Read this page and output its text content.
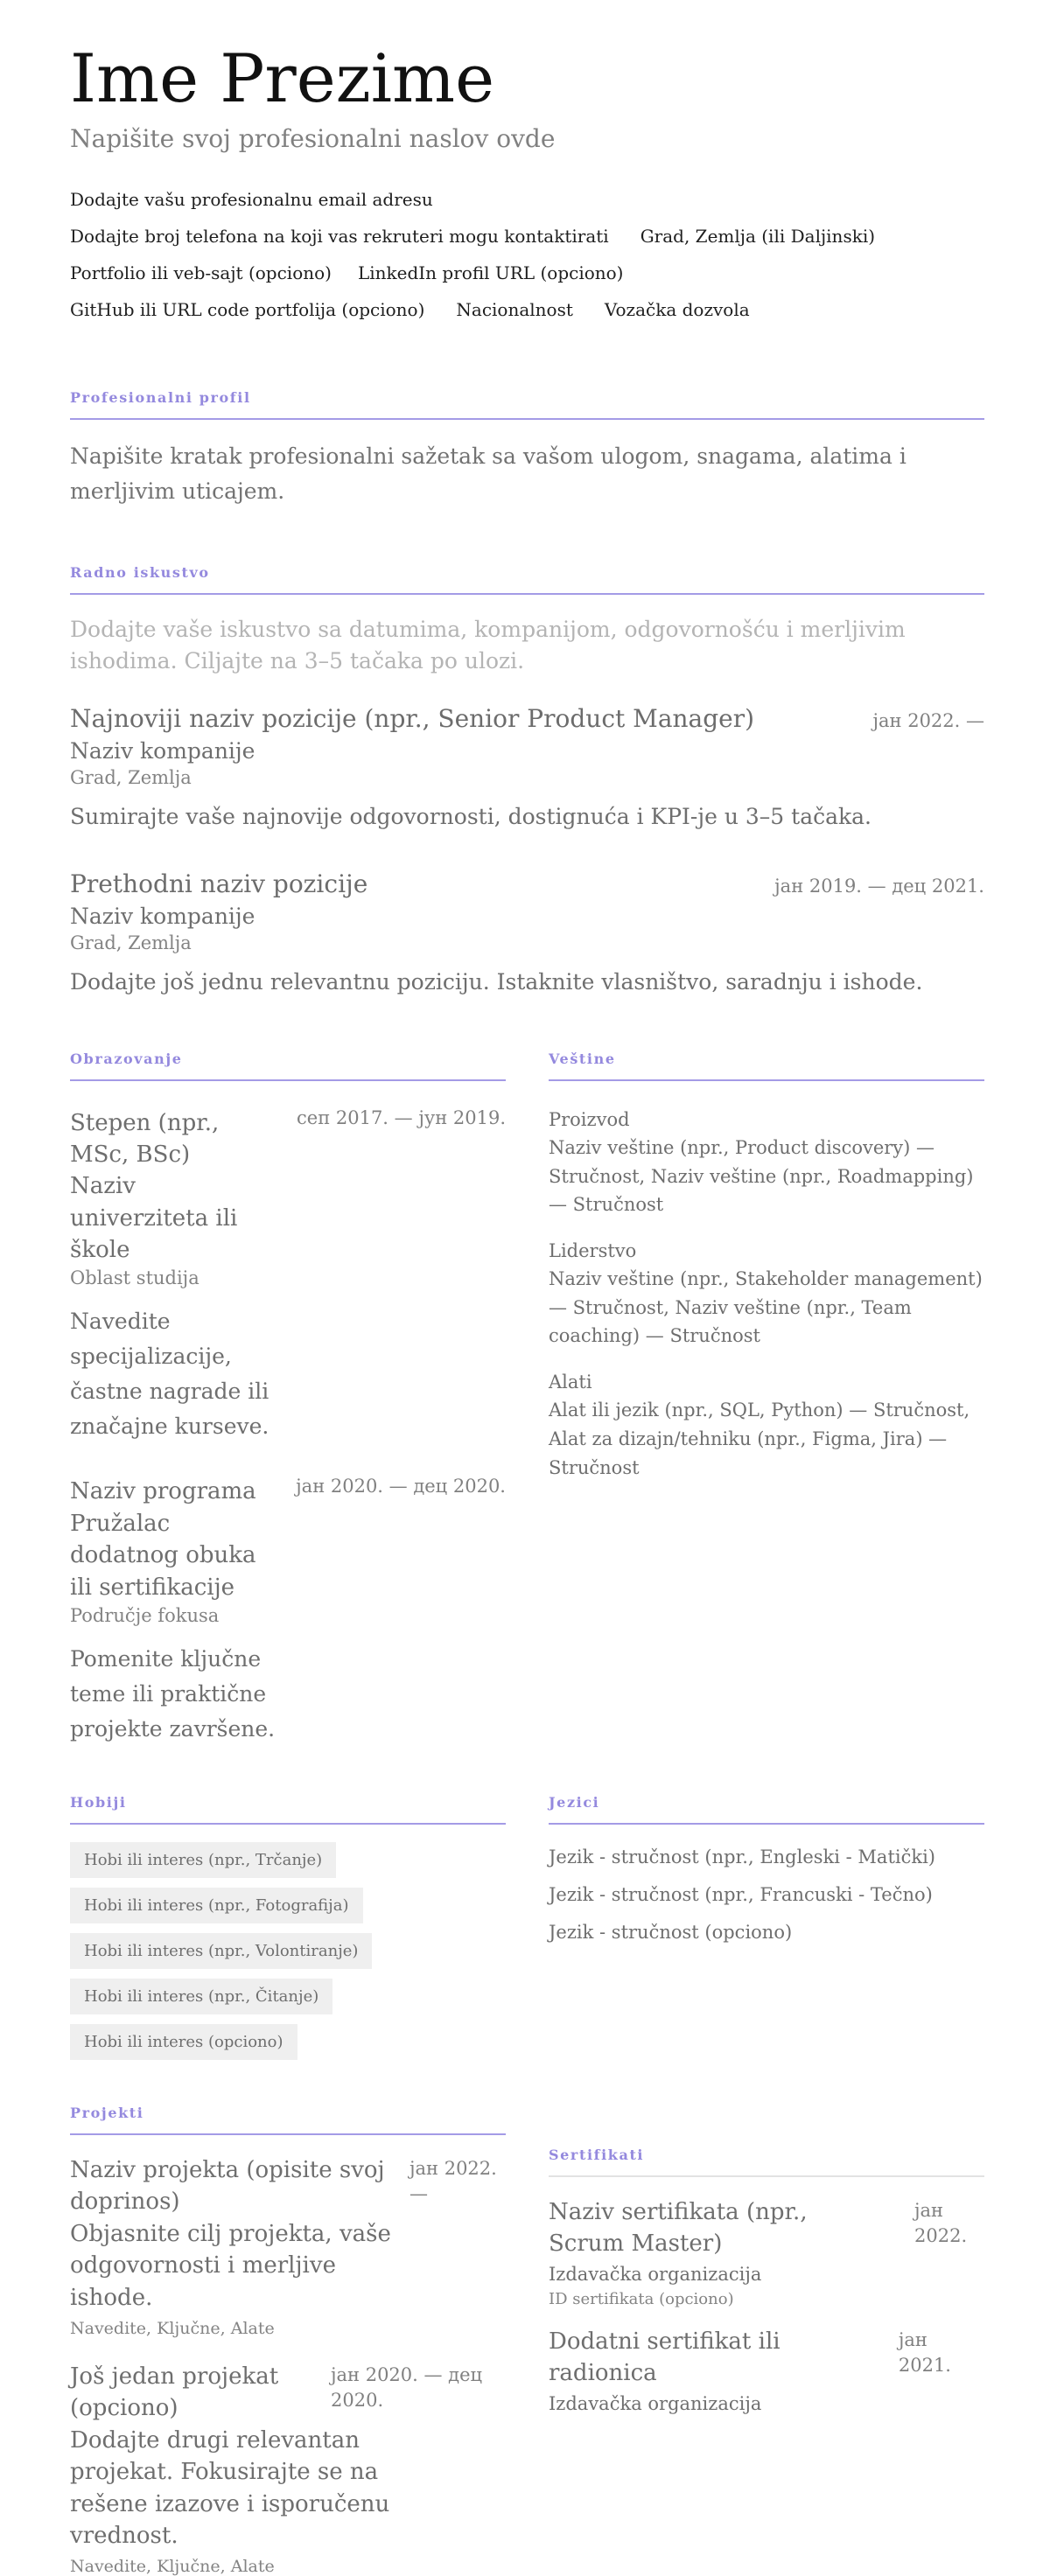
Ime Prezime
Napišite svoj profesionalni naslov ovde
Dodajte vašu profesionalnu email adresu
Dodajte broj telefona na koji vas rekruteri mogu kontaktirati Grad, Zemlja (ili Daljinski)
Portfolio ili veb-sajt (opciono) LinkedIn profil URL (opciono)
GitHub ili URL code portfolija (opciono) Nacionalnost Vozačka dozvola
Profesionalni profil

Napišite kratak profesionalni sažetak sa vašom ulogom, snagama, alatima i merljivim uticajem.

Radno iskustvo

Dodajte vaše iskustvo sa datumima, kompanijom, odgovornošću i merljivim ishodima. Ciljajte na 3–5 tačaka po ulozi.

Najnoviji naziv pozicije (npr., Senior Product Manager)	јан 2022. —
Naziv kompanije
Grad, Zemlja
Sumirajte vaše najnovije odgovornosti, dostignuća i KPI-je u 3–5 tačaka.
Prethodni naziv pozicije	јан 2019. — дец 2021.
Naziv kompanije
Grad, Zemlja
Dodajte još jednu relevantnu poziciju. Istaknite vlasništvo, saradnju i ishode.
Obrazovanje
Stepen (npr., MSc, BSc)
Naziv univerziteta ili škole
Oblast studija
Navedite specijalizacije, častne nagrade ili značajne kurseve.
сеп 2017. — јун 2019.
Naziv programa
Pružalac dodatnog obuka ili sertifikacije
Područje fokusa
Pomenite ključne teme ili praktične projekte završene.
јан 2020. — дец 2020.
Veštine
Proizvod
Naziv veštine (npr., Product discovery) — Stručnost, Naziv veštine (npr., Roadmapping) — Stručnost
Liderstvo
Naziv veštine (npr., Stakeholder management) — Stručnost, Naziv veštine (npr., Team coaching) — Stručnost
Alati
Alat ili jezik (npr., SQL, Python) — Stručnost, Alat za dizajn/tehniku (npr., Figma, Jira) — Stručnost
Hobiji
Hobi ili interes (npr., Trčanje)
Hobi ili interes (npr., Fotografija)
Hobi ili interes (npr., Volontiranje)
Hobi ili interes (npr., Čitanje)
Hobi ili interes (opciono)
Jezici
Jezik - stručnost (npr., Engleski - Matički)
Jezik - stručnost (npr., Francuski - Tečno)
Jezik - stručnost (opciono)
Projekti
Naziv projekta (opisite svoj doprinos)
Objasnite cilj projekta, vaše odgovornosti i merljive ishode.
Navedite, Ključne, Alate
јан 2022. —
Još jedan projekat (opciono)
Dodajte drugi relevantan projekat. Fokusirajte se na rešene izazove i isporučenu vrednost.
Navedite, Ključne, Alate
јан 2020. — дец 2020.
Sertifikati
Naziv sertifikata (npr., Scrum Master)
Izdavačka organizacija
ID sertifikata (opciono)
јан 2022.
Dodatni sertifikat ili radionica
Izdavačka organizacija
јан 2021.
